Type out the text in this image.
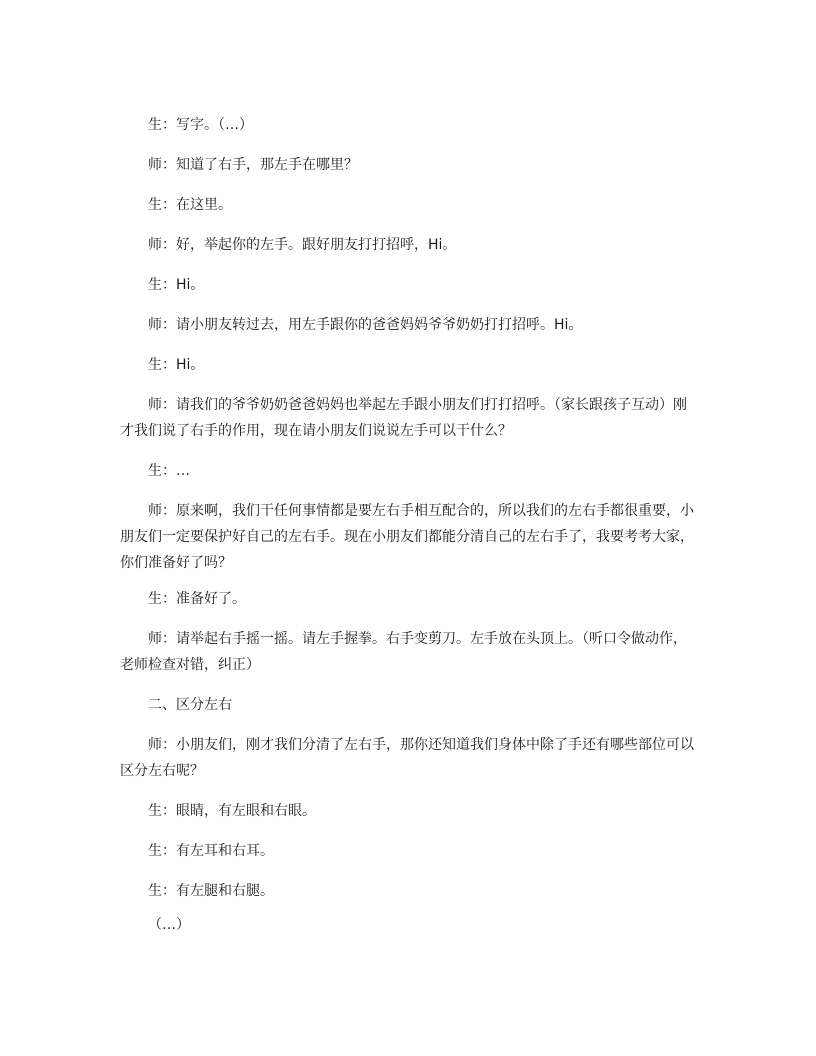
生：写字。（…）

师：知道了右手，那左手在哪里？

生：在这里。

师：好，举起你的左手。跟好朋友打打招呼，Hi。

生：Hi。

师：请小朋友转过去，用左手跟你的爸爸妈妈爷爷奶奶打打招呼。Hi。

生：Hi。

师：请我们的爷爷奶奶爸爸妈妈也举起左手跟小朋友们打打招呼。（家长跟孩子互动）刚才我们说了右手的作用，现在请小朋友们说说左手可以干什么？

生：…

师：原来啊，我们干任何事情都是要左右手相互配合的，所以我们的左右手都很重要，小朋友们一定要保护好自己的左右手。现在小朋友们都能分清自己的左右手了，我要考考大家，你们准备好了吗？

生：准备好了。

师：请举起右手摇一摇。请左手握拳。右手变剪刀。左手放在头顶上。（听口令做动作，老师检查对错，纠正）

二、区分左右

师：小朋友们，刚才我们分清了左右手，那你还知道我们身体中除了手还有哪些部位可以区分左右呢？

生：眼睛，有左眼和右眼。

生：有左耳和右耳。

生：有左腿和右腿。

（…）
